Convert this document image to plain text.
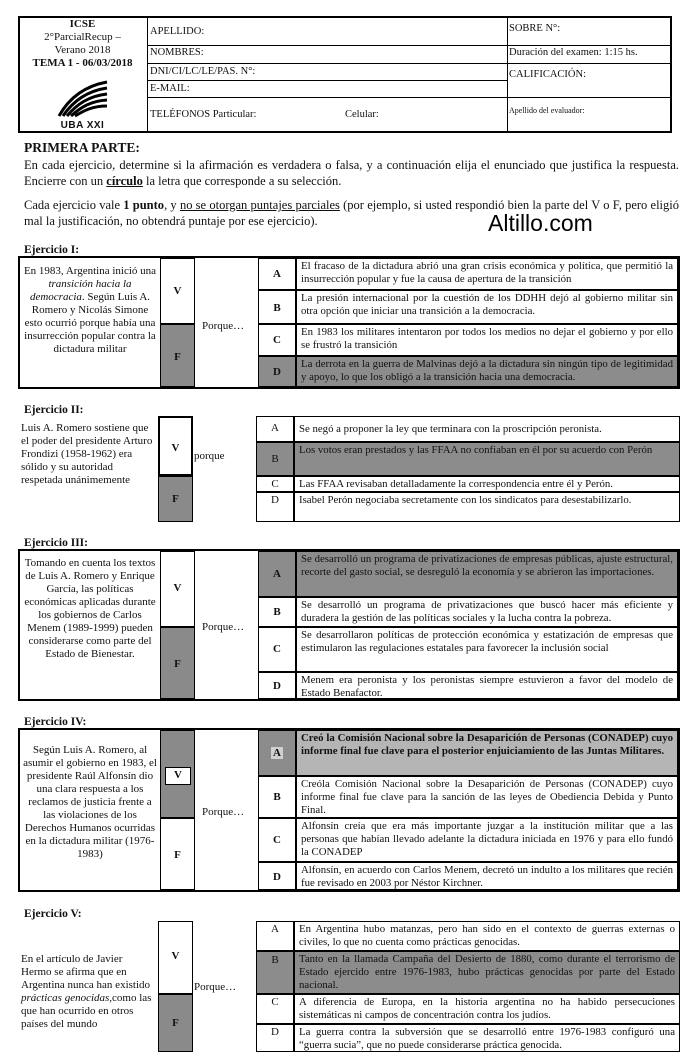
ICSE
2°ParcialRecup –
Verano 2018
TEMA 1 - 06/03/2018
UBA XXI
APELLIDO:
NOMBRES:
DNI/CI/LC/LE/PAS. N°:
E-MAIL:
TELÉFONOS Particular:	Celular:
SOBRE N°:
Duración del examen: 1:15 hs.
CALIFICACIÓN:
Apellido del evaluador:
PRIMERA PARTE:
En cada ejercicio, determine si la afirmación es verdadera o falsa, y a continuación elija el enunciado que justifica la respuesta. Encierre con un círculo la letra que corresponde a su selección.
Cada ejercicio vale 1 punto, y no se otorgan puntajes parciales (por ejemplo, si usted respondió bien la parte del V o F, pero eligió mal la justificación, no obtendrá puntaje por ese ejercicio).	Altillo.com
Ejercicio I:
En 1983, Argentina inició una transición hacia la democracia. Según Luis A. Romero y Nicolás Simone esto ocurrió porque había una insurrección popular contra la dictadura militar
V
F
Porque…
A
El fracaso de la dictadura abrió una gran crisis económica y política, que permitió la insurrección popular y fue la causa de apertura de la transición
B
La presión internacional por la cuestión de los DDHH dejó al gobierno militar sin otra opción que iniciar una transición a la democracia.
C
En 1983 los militares intentaron por todos los medios no dejar el gobierno y por ello se frustró la transición
D
La derrota en la guerra de Malvinas dejó a la dictadura sin ningún tipo de legitimidad y apoyo, lo que los obligó a la transición hacia una democracia.
Ejercicio II:
Luis A. Romero sostiene que el poder del presidente Arturo Frondizi (1958-1962) era sólido y su autoridad respetada unánimemente
V
F
porque
A	Se negó a proponer la ley que terminara con la proscripción peronista.
B
Los votos eran prestados y las FFAA no confiaban en él por su acuerdo con Perón
C	Las FFAA revisaban detalladamente la correspondencia entre él y Perón.
D	Isabel Perón negociaba secretamente con los sindicatos para desestabilizarlo.
Ejercicio III:
Tomando en cuenta los textos de Luis A. Romero y Enrique García, las políticas económicas aplicadas durante los gobiernos de Carlos Menem (1989-1999) pueden considerarse como parte del Estado de Bienestar.
V
F
Porque…
A
Se desarrolló un programa de privatizaciones de empresas públicas, ajuste estructural, recorte del gasto social, se desreguló la economía y se abrieron las importaciones.
B
Se desarrolló un programa de privatizaciones que buscó hacer más eficiente y duradera la gestión de las políticas sociales y la lucha contra la pobreza.
C
Se desarrollaron políticas de protección económica y estatización de empresas que estimularon las regulaciones estatales para favorecer la inclusión social
D	Menem era peronista y los peronistas siempre estuvieron a favor del modelo de Estado Benafactor.
Ejercicio IV:
Según Luis A. Romero, al asumir el gobierno en 1983, el presidente Raúl Alfonsín dio una clara respuesta a los reclamos de justicia frente a las violaciones de los Derechos Humanos ocurridas en la dictadura militar (1976-1983)
V
F
Porque…
A
Creó la Comisión Nacional sobre la Desaparición de Personas (CONADEP) cuyo informe final fue clave para el posterior enjuiciamiento de las Juntas Militares.
B
Creóla Comisión Nacional sobre la Desaparición de Personas (CONADEP) cuyo informe final fue clave para la sanción de las leyes de Obediencia Debida y Punto Final.
C
Alfonsín creía que era más importante juzgar a la institución militar que a las personas que habían llevado adelante la dictadura iniciada en 1976 y para ello fundó la CONADEP
D
Alfonsín, en acuerdo con Carlos Menem, decretó un indulto a los militares que recién fue revisado en 2003 por Néstor Kirchner.
Ejercicio V:
En el artículo de Javier Hermo se afirma que en Argentina nunca han existido prácticas genocidas,como las que han ocurrido en otros países del mundo
V
F
Porque…
A	En Argentina hubo matanzas, pero han sido en el contexto de guerras externas o civiles, lo que no cuenta como prácticas genocidas.
B	Tanto en la llamada Campaña del Desierto de 1880, como durante el terrorismo de Estado ejercido entre 1976-1983, hubo prácticas genocidas por parte del Estado nacional.
C	A diferencia de Europa, en la historia argentina no ha habido persecuciones sistemáticas ni campos de concentración contra los judíos.
D	La guerra contra la subversión que se desarrolló entre 1976-1983 configuró una “guerra sucia”, que no puede considerarse práctica genocida.
